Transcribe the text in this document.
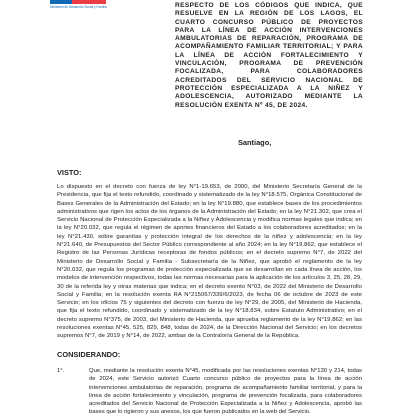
Ministerio de Desarrollo Social y Familia	RESPECTO DE LOS CÓDIGOS QUE INDICA, QUE RESUELVE EN LA REGIÓN DE LOS LAGOS, EL CUARTO CONCURSO PÚBLICO DE PROYECTOS PARA LA LÍNEA DE ACCIÓN INTERVENCIONES AMBULATORIAS DE REPARACIÓN, PROGRAMA DE ACOMPAÑAMIENTO FAMILIAR TERRITORIAL; Y PARA LA LÍNEA DE ACCIÓN FORTALECIMIENTO Y VINCULACIÓN, PROGRAMA DE PREVENCIÓN FOCALIZADA, PARA COLABORADORES ACREDITADOS DEL SERVICIO NACIONAL DE PROTECCIÓN ESPECIALIZADA A LA NIÑEZ Y ADOLESCENCIA, AUTORIZADO MEDIANTE LA RESOLUCIÓN EXENTA Nº 45, DE 2024.
Santiago,
VISTO:
Lo dispuesto en el decreto con fuerza de ley N°1-19.653, de 2000, del Ministerio Secretaría General de la Presidencia, que fija el texto refundido, coordinado y sistematizado de la ley N°18.575, Orgánica Constitucional de Bases Generales de la Administración del Estado; en la ley N°19.880, que establece bases de los procedimientos administrativos que rigen los actos de los órganos de la Administración del Estado; en la ley N°21.302, que crea el Servicio Nacional de Protección Especializada a la Niñez y Adolescencia y modifica normas legales que indica; en la ley N°20.032, que regula el régimen de aportes financieros del Estado a los colaboradores acreditados; en la ley N°21.430, sobre garantías y protección integral de los derechos de la niñez y adolescencia; en la ley N°21.640, de Presupuestos del Sector Público correspondiente al año 2024; en la ley N°19.862, que establece el Registro de las Personas Jurídicas receptoras de fondos públicos; en el decreto supremo N°7, de 2022 del Ministerio de Desarrollo Social y Familia - Subsecretaría de la Niñez, que aprobó el reglamento de la ley N°20.032, que regula los programas de protección especializada que se desarrollan en cada línea de acción, los modelos de intervención respectivos, todas las normas necesarias para la aplicación de los artículos 3, 25, 28, 29, 30 de la referida ley y otras materias que indica; en el decreto exento N°03, de 2022 del Ministerio de Desarrollo Social y Familia; en la resolución exenta RA N°215067/339/6/2023, de fecha 06 de octubre de 2023 de este Servicio; en los oficios 75 y siguientes del decreto con fuerza de ley N°29, de 2005, del Ministerio de Hacienda, que fija el texto refundido, coordinado y sistematizado de la ley N°18.834, sobre Estatuto Administrativo; en el decreto supremo N°375, de 2003, del Ministerio de Hacienda, que aprueba reglamento de la ley N°19.862; en las resoluciones exentas N°45, 525, 829, 848, todas de 2024, de la Dirección Nacional del Servicio; en los decretos supremos N°7, de 2019 y N°14, de 2022, ambas de la Contraloría General de la República.
CONSIDERANDO:
1°.	Que, mediante la resolución exenta N°45, modificada por las resoluciones exentas N°130 y 214, todas de 2024, este Servicio autorizó Cuarto concurso público de proyectos para la línea de acción intervenciones ambulatorias de reparación, programa de acompañamiento familiar territorial, y para la línea de acción fortalecimiento y vinculación, programa de prevención focalizada, para colaboradores acreditados del Servicio Nacional de Protección Especializada a la Niñez y Adolescencia, aprobó las bases que lo rigieron y sus anexos, los que fueron publicados en la web del Servicio.
